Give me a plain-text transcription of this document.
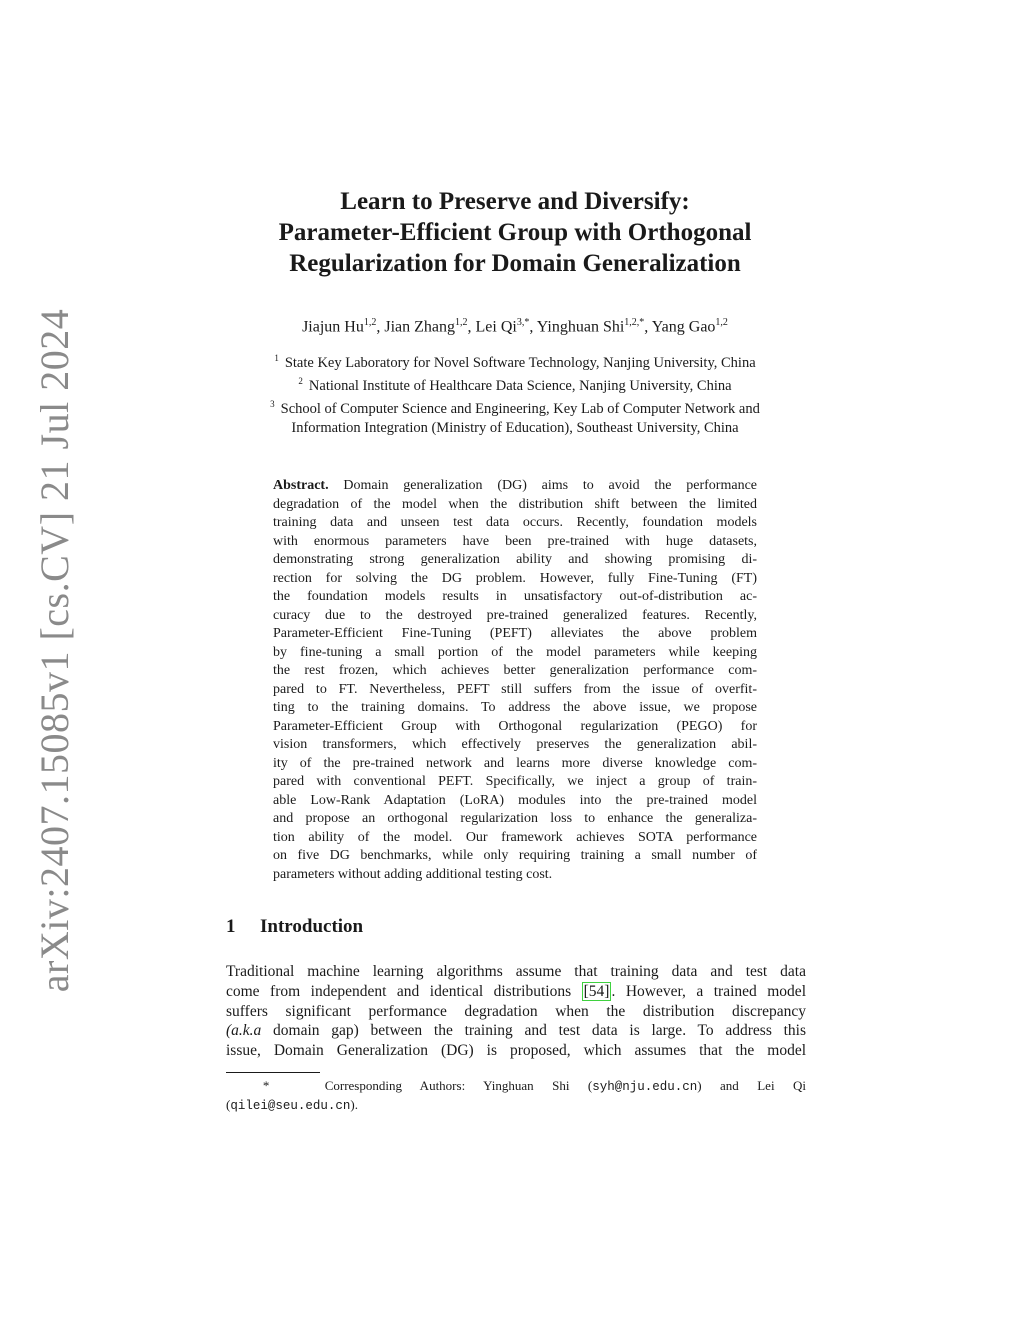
arXiv:2407.15085v1 [cs.CV] 21 Jul 2024
Learn to Preserve and Diversify:
Parameter-Efficient Group with Orthogonal
Regularization for Domain Generalization
Jiajun Hu$^{1,2}$, Jian Zhang$^{1,2}$, Lei $Qi^{3,*}$, Yinghuan Shi$^{1,2,*}$, Yang Gao$^{1,2}$
$^1$ State Key Laboratory for Novel Software Technology, Nanjing University, China
$^2$ National Institute of Healthcare Data Science, Nanjing University, China
$^3$ School of Computer Science and Engineering, Key Lab of Computer Network and
Information Integration (Ministry of Education), Southeast University, China
Abstract. Domain generalization (DG) aims to avoid the performance
degradation of the model when the distribution shift between the limited
training data and unseen test data occurs. Recently, foundation models
with enormous parameters have been pre-trained with huge datasets,
demonstrating strong generalization ability and showing promising di-
rection for solving the DG problem. However, fully Fine-Tuning (FT)
the foundation models results in unsatisfactory out-of-distribution ac-
curacy due to the destroyed pre-trained generalized features. Recently,
Parameter-Efficient Fine-Tuning (PEFT) alleviates the above problem
by fine-tuning a small portion of the model parameters while keeping
the rest frozen, which achieves better generalization performance com-
pared to FT. Nevertheless, PEFT still suffers from the issue of overfit-
ting to the training domains. To address the above issue, we propose
Parameter-Efficient Group with Orthogonal regularization (PEGO) for
vision transformers, which effectively preserves the generalization abil-
ity of the pre-trained network and learns more diverse knowledge com-
pared with conventional PEFT. Specifically, we inject a group of train-
able Low-Rank Adaptation (LoRA) modules into the pre-trained model
and propose an orthogonal regularization loss to enhance the generaliza-
tion ability of the model. Our framework achieves SOTA performance
on five DG benchmarks, while only requiring training a small number of
parameters without adding additional testing cost.
1 Introduction
Traditional machine learning algorithms assume that training data and test data
come from independent and identical distributions [54] . However, a trained model
suffers significant performance degradation when the distribution discrepancy
(a.k.a domain gap) between the training and test data is large. To address this
issue, Domain Generalization (DG) is proposed, which assumes that the model
*	Corresponding Authors: Yinghuan Shi (syh@nju.edu.cn) and Lei Qi
(qilei@seu.edu.cn).
